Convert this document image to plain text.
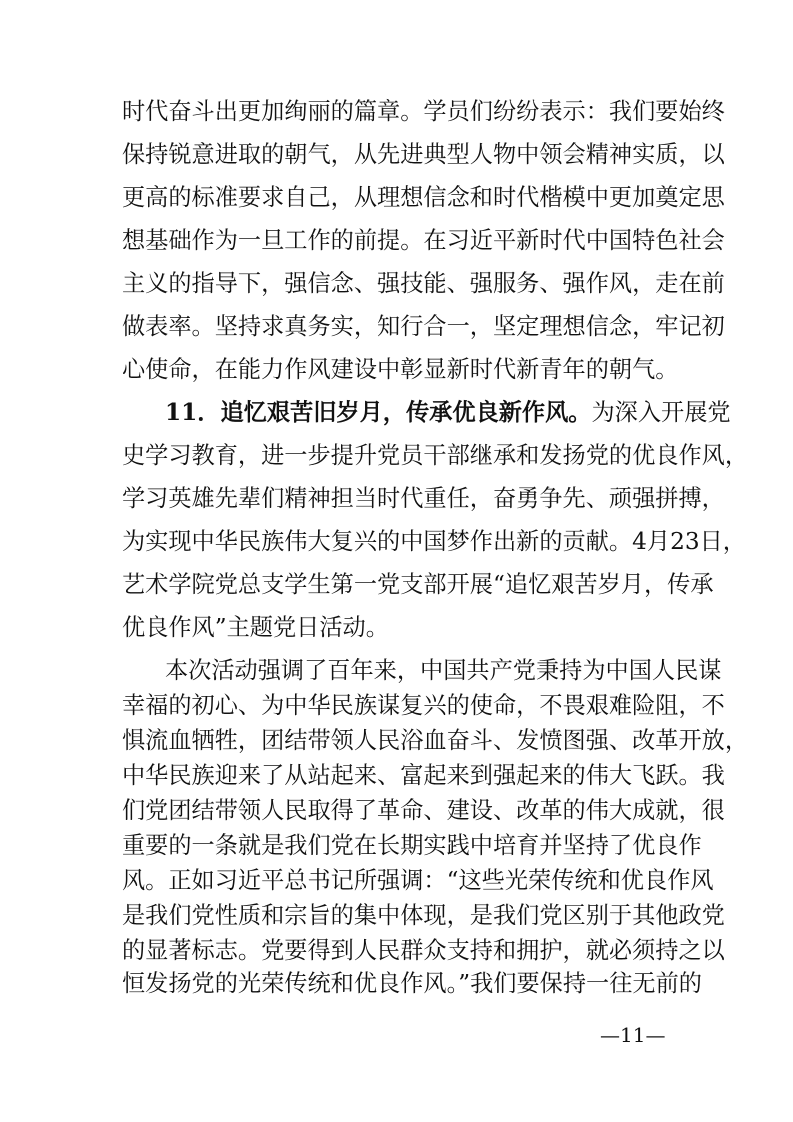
时代奋斗出更加绚丽的篇章。学员们纷纷表示：我们要始终
保持锐意进取的朝气，从先进典型人物中领会精神实质，以
更高的标准要求自己，从理想信念和时代楷模中更加奠定思
想基础作为一旦工作的前提。在习近平新时代中国特色社会
主义的指导下，强信念、强技能、强服务、强作风，走在前
做表率。坚持求真务实，知行合一，坚定理想信念，牢记初
心使命，在能力作风建设中彰显新时代新青年的朝气。
11．追忆艰苦旧岁月，传承优良新作风。为深入开展党
史学习教育，进一步提升党员干部继承和发扬党的优良作风，
学习英雄先辈们精神担当时代重任，奋勇争先、顽强拼搏，
为实现中华民族伟大复兴的中国梦作出新的贡献。4月23日，
艺术学院党总支学生第一党支部开展“追忆艰苦岁月，传承
优良作风”主题党日活动。
本次活动强调了百年来，中国共产党秉持为中国人民谋
幸福的初心、为中华民族谋复兴的使命，不畏艰难险阻，不
惧流血牺牲，团结带领人民浴血奋斗、发愤图强、改革开放，
中华民族迎来了从站起来、富起来到强起来的伟大飞跃。我
们党团结带领人民取得了革命、建设、改革的伟大成就，很
重要的一条就是我们党在长期实践中培育并坚持了优良作
风。正如习近平总书记所强调：“这些光荣传统和优良作风
是我们党性质和宗旨的集中体现，是我们党区别于其他政党
的显著标志。党要得到人民群众支持和拥护，就必须持之以
—11—
恒发扬党的光荣传统和优良作风。”我们要保持一往无前的
